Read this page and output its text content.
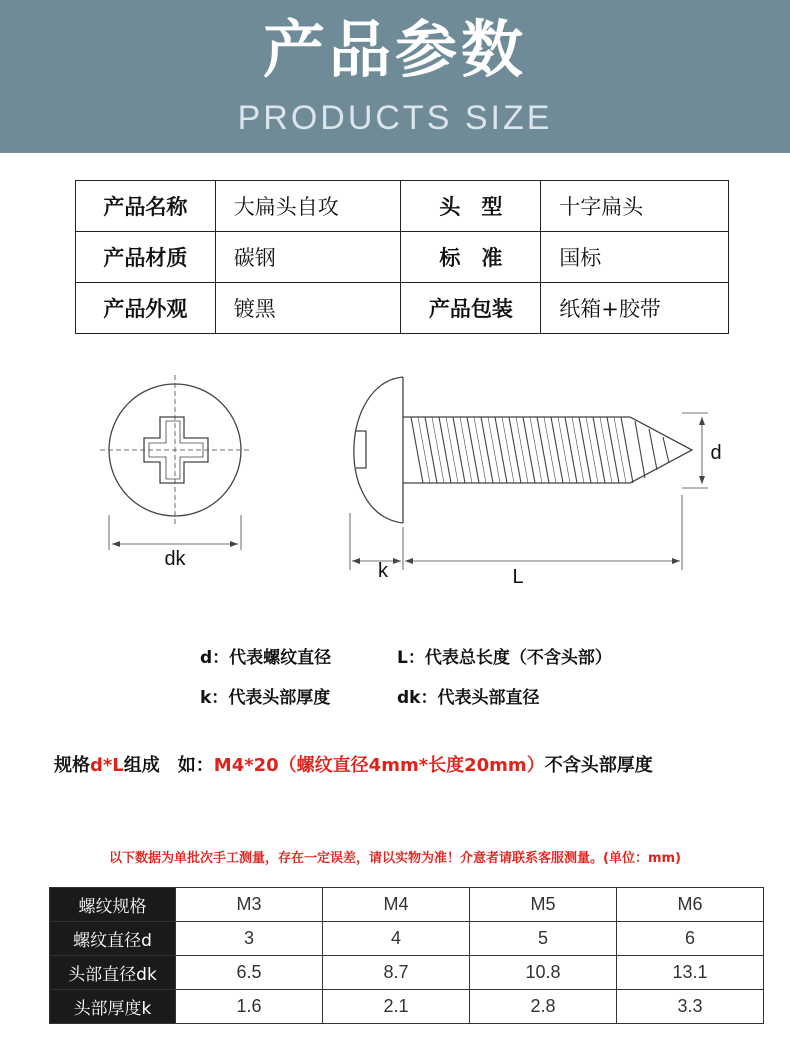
产品参数
PRODUCTS SIZE
产品名称	大扁头自攻	头　型	十字扁头
产品材质	碳钢	标　准	国标
产品外观	镀黑	产品包装	纸箱+胶带
dk
k	L
d
d：代表螺纹直径	L：代表总长度（不含头部）
k：代表头部厚度	dk：代表头部直径
规格d*L组成　如：M4*20（螺纹直径4mm*长度20mm）不含头部厚度
以下数据为单批次手工测量，存在一定误差，请以实物为准！介意者请联系客服测量。(单位：mm)
螺纹规格	M3	M4	M5	M6
螺纹直径d	3	4	5	6
头部直径dk	6.5	8.7	10.8	13.1
头部厚度k	1.6	2.1	2.8	3.3
